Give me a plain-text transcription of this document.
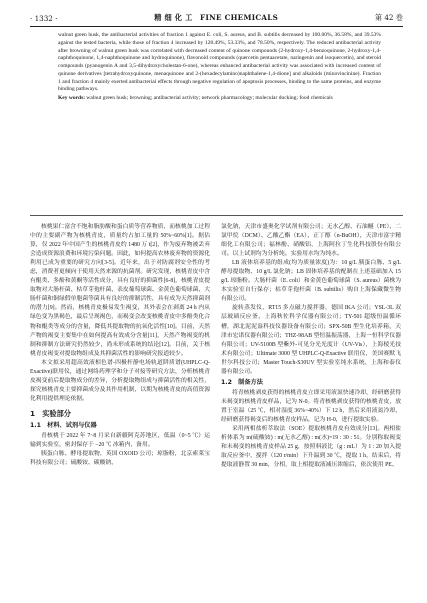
· 1332 ·	精 细 化 工　FINE CHEMICALS	第 42 卷
walnut green husk, the antibacterial activities of fraction 1 against E. coli, S. aureus, and B. subtilis decreased by 100.00%, 36.58%, and 39.53% against the tested bacteria, while those of fraction 4 increased by 128.49%, 53.33%, and 78.50%, respectively. The reduced antibacterial activity after browning of walnut green husk was correlated with decreased content of quinone compounds (2-hydroxy-1,4-benzoquinone, 2-hydroxy-1,4-naphthoquinone, 1,4-naphthoquinone and hydroquinone), flavonoid compounds (quercetin pentaacetate, naringenin and isoquercetin), and steroid compounds (pyanogenin A and 3,5-dihydroxycholestan-6-one), whereas enhanced antibacterial activity was associated with increased content of quinone derivatives [tetrahydroxyquinone, menaquinone and 2-(hexadecylamino)naphthalene-1,4-dione] and alkaloids (minovincinine). Fraction 1 and fraction 4 mainly exerted antibacterial effects through negative regulation of apoptosis processes, binding to the same proteins, and enzyme binding pathways.
Key words: walnut green husk; browning; antibacterial activity; network pharmacology; molecular docking; food chemicals

核桃果仁富含不饱和脂肪酸和蛋白质等营养物质，而核桃加工过程中的主要副产物为核桃青皮，质量约占加工量的 50%~60%[1]。据估算，仅 2022 年中国产生的核桃青皮约 1480 万 t[2]，作为废弃物被丢弃会造成资源浪费和环境污染问题。因此，如何提高农林废弃物的资源化利用已成为重要的研究方向[3-5]。近年来，出于对防腐剂安全性的考虑，消费者更倾向于使用天然来源的抗菌剂。研究发现，核桃青皮中含有醌类、多酚和黄酮等活性成分，具有良好的抑菌性[6-8]，核桃青皮提取物对大肠杆菌、枯草芽孢杆菌、表皮葡萄球菌、金黄色葡萄球菌、大肠杆菌和铜绿假单胞菌等菌具有良好的抑制活性，具有成为天然抑菌剂的潜力[9]。然而，核桃青皮极易发生褐变，其外表会在剥离 24 h 内从绿色变为黑褐色，最后呈现褐色，而褐变会改变核桃青皮中多酚类化合物和醌类等成分的含量，降低其提取物的抗氧化活性[10]。目前，天然产物的褐变主要集中在如何提高有效成分含量[11]，天然产物褐变的机制和抑制方法研究仍然较少，尚未形成系统的结论[12]。目前，关于核桃青皮褐变对提取物组成及其抑菌活性的影响研究报道较少。

本文拟采用超高效液相色谱-四极杆静电场轨道阱质谱(UHPLC-Q-Exactive)联用仪，通过网络药理学和分子对接等研究方法，分析核桃青皮褐变前后提取物成分的差异，分析提取物组成与抑菌活性的相关性，探究核桃青皮主要抑菌成分及其作用机制，以期为核桃青皮的高值资源化利用提供理论依据。

1　实验部分
1.1　材料、试剂与仪器

青核桃于 2022 年 7~8 月采自新疆阿克苏地区，低温（0~5 ℃）运输到实验室，密封保存于 −20 ℃ 冰箱内，备用。

胰蛋白胨、酵母提取物，英国 OXOID 公司；琼脂粉，北京索莱宝科技有限公司；硫酸铵、碳酸钠、

氯化钠，天津市盛奥化学试剂有限公司；无水乙醇、石油醚（PE）、二氯甲烷（DCM）、乙酸乙酯（EA）、正丁醇（n-BuOH），天津市富宇精细化工有限公司；福林酚、硝酸铝，上海阿拉丁生化科技股份有限公司。以上试剂均为分析纯。实验用水均为纯水。

LB 液体培养基的组成(均为质量浓度)为：10 g/L 胰蛋白胨、5 g/L 酵母提取物、10 g/L 氯化钠；LB 固体培养基的配制在上述基础加入 15 g/L 琼脂粉。大肠杆菌（E. coli）和金黄色葡萄球菌（S. aureus）菌株为本实验室自行保存；枯草芽孢杆菌（B. subtilis）购自上海保藏微生物有限公司。

旋转蒸发仪，RT15 多点磁力搅拌器，德国 IKA 公司；YSL-3L 双层玻璃反应釜，上海秋佐科学仪器有限公司；TY-501 超级恒温循环槽，湖北泥泥盎科技仪器设备有限公司；SPX-50B 型生化培养箱，天津市宏诺仪器有限公司；THZ-98AB 型恒温振荡器，上海一恒科学仪器有限公司；UV-5100B 型紫外-可见分光光度计（UV-Vis），上海棱光技术有限公司；Ultimate 3000 型 UHPLC-Q-Exactive 联用仪，美国赛默飞世尔科技公司；Master Touch-S30UV 型实验室纯水系统，上海和泰仪器有限公司。

1.2　制备方法

将青核桃剥皮获得的核桃青皮立即采用液氮快速冷却，经研磨获得未褐变的核桃青皮样品，记为 N-0。将青核桃剥皮获得的核桃青皮，放置于室温（25 ℃，相对湿度 36%~40%）下 12 h，然后采用液氮冷却，经研磨获得褐变后的核桃青皮样品，记为 H-0，进行提取实验。

采用两相盐析萃取法（SOE）提取核桃青皮有效成分[13]。两相盐析体系为 m(硫酸铵) : m(无水乙醇) : m(水)=19 : 30 : 51。分别称取褐变和未褐变的核桃青皮样品 25 g，按照料液比（g : mL）为 1 : 20 加入提取反应釜中，搅拌（120 r/min）下升温到 30 ℃，提取 1 h，结束后，将提取液静置 30 min，分相，取上相提取液减压浓缩后，依次使用 PE、
